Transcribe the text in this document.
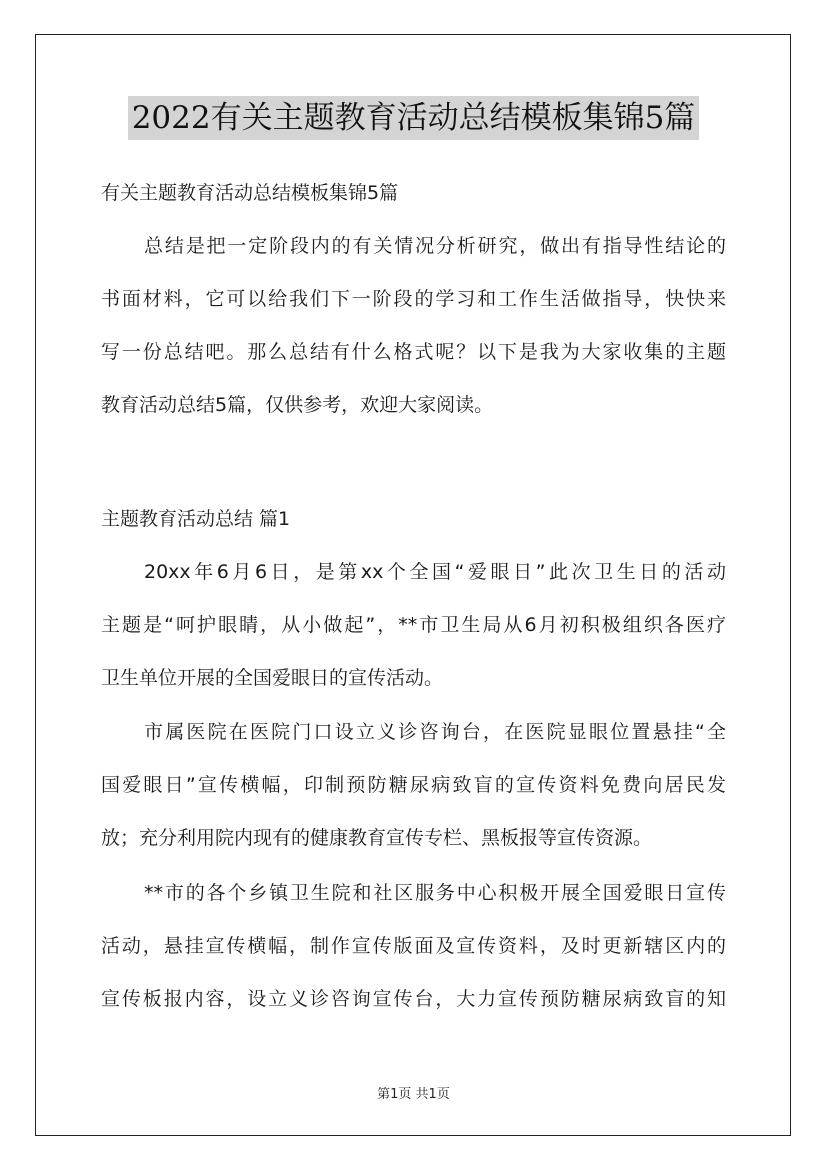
2022有关主题教育活动总结模板集锦5篇
有关主题教育活动总结模板集锦5篇
总结是把一定阶段内的有关情况分析研究，做出有指导性结论的
书面材料，它可以给我们下一阶段的学习和工作生活做指导，快快来
写一份总结吧。那么总结有什么格式呢？以下是我为大家收集的主题
教育活动总结5篇，仅供参考，欢迎大家阅读。
主题教育活动总结 篇1
20xx年6月6日，是第xx个全国“爱眼日”此次卫生日的活动
主题是“呵护眼睛，从小做起”，**市卫生局从6月初积极组织各医疗
卫生单位开展的全国爱眼日的宣传活动。
市属医院在医院门口设立义诊咨询台，在医院显眼位置悬挂“全
国爱眼日”宣传横幅，印制预防糖尿病致盲的宣传资料免费向居民发
放；充分利用院内现有的健康教育宣传专栏、黑板报等宣传资源。
**市的各个乡镇卫生院和社区服务中心积极开展全国爱眼日宣传
活动，悬挂宣传横幅，制作宣传版面及宣传资料，及时更新辖区内的
宣传板报内容，设立义诊咨询宣传台，大力宣传预防糖尿病致盲的知
第1页 共1页
